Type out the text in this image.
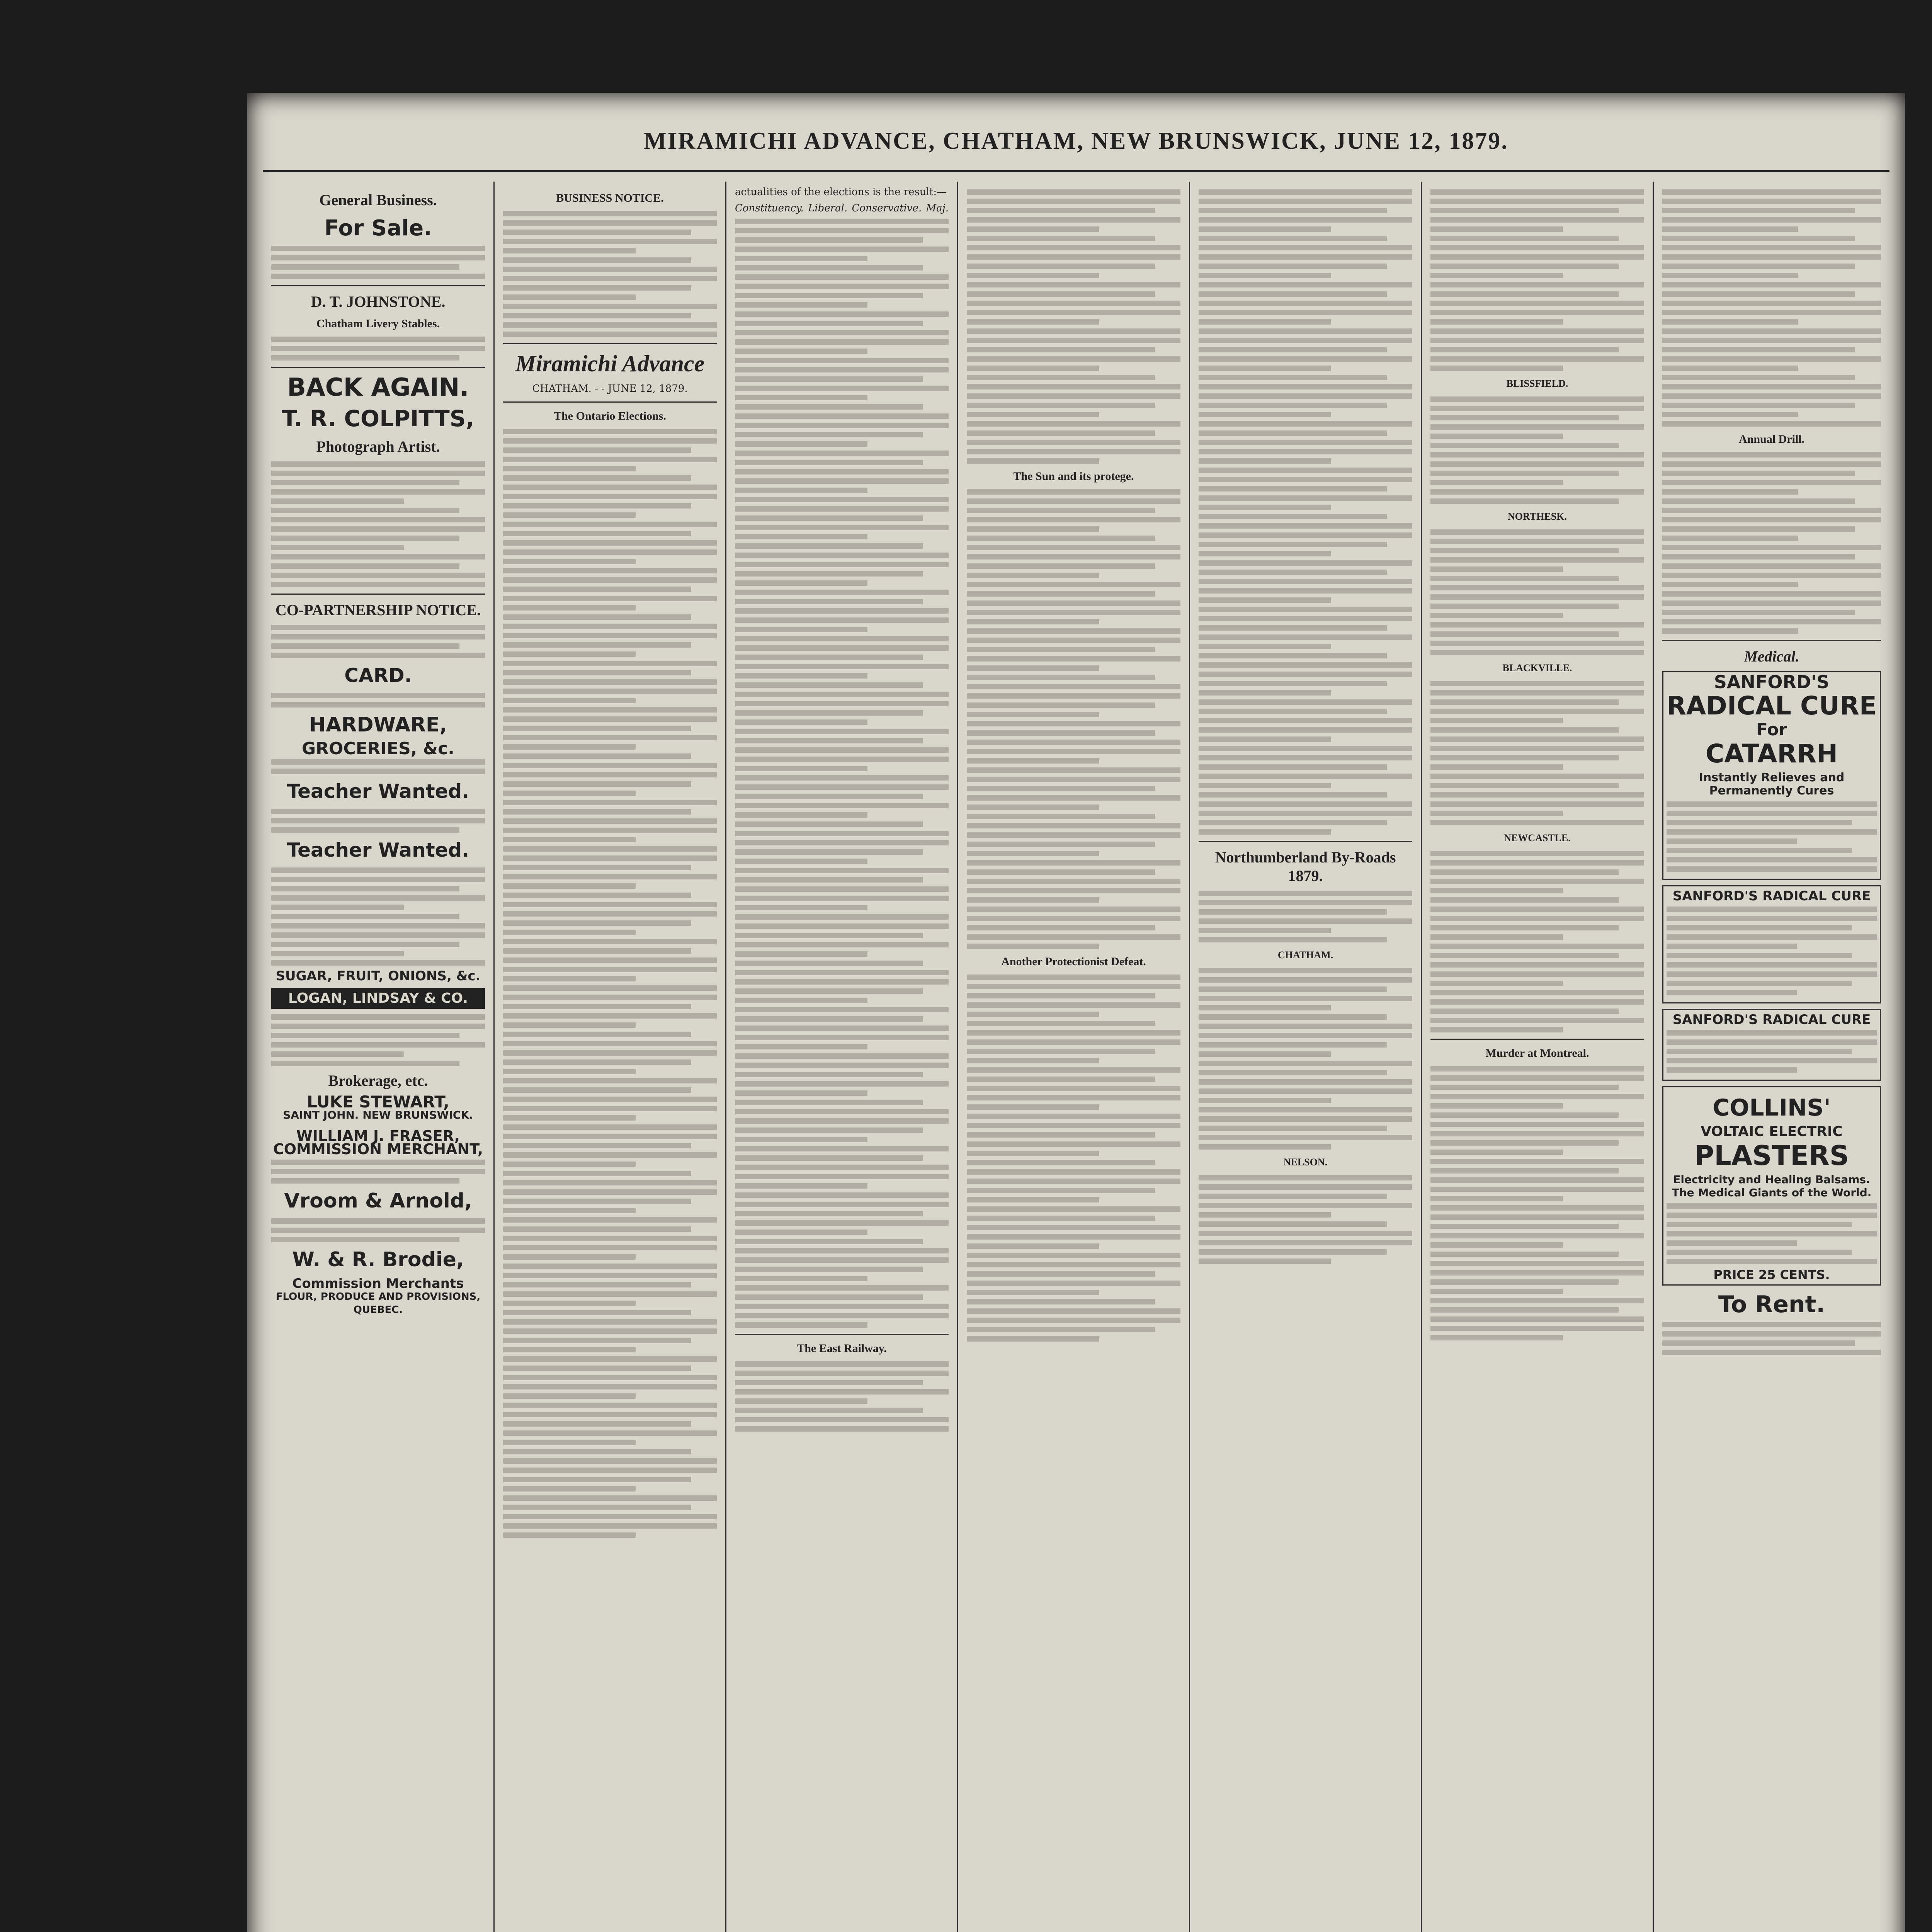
MIRAMICHI ADVANCE, CHATHAM, NEW BRUNSWICK, JUNE 12, 1879.
General Business.
For Sale.
D. T. JOHNSTONE.
Chatham Livery Stables.
BACK AGAIN.
T. R. COLPITTS,
Photograph Artist.
CO-PARTNERSHIP NOTICE.
CARD.
HARDWARE,
GROCERIES, &c.
Teacher Wanted.
Teacher Wanted.
SUGAR, FRUIT, ONIONS, &c.
LOGAN, LINDSAY & CO.
Brokerage, etc.
LUKE STEWART,
SAINT JOHN. NEW BRUNSWICK.
WILLIAM J. FRASER,
COMMISSION MERCHANT,
Vroom & Arnold,
W. & R. Brodie,
Commission Merchants
FLOUR, PRODUCE AND PROVISIONS,
QUEBEC.
BUSINESS NOTICE.
Miramichi Advance
CHATHAM. - - JUNE 12, 1879.
The Ontario Elections.
actualities of the elections is the result:—
Constituency. Liberal. Conservative. Maj.
The East Railway.
The Sun and its protege.
Another Protectionist Defeat.
Northumberland By-Roads 1879.
CHATHAM.
NELSON.
BLISSFIELD.
NORTHESK.
BLACKVILLE.
NEWCASTLE.
Murder at Montreal.
Annual Drill.
Medical.
SANFORD'S
RADICAL CURE
For
CATARRH
Instantly Relieves and Permanently Cures
SANFORD'S RADICAL CURE
SANFORD'S RADICAL CURE
COLLINS'
VOLTAIC ELECTRIC
PLASTERS
Electricity and Healing Balsams. The Medical Giants of the World.
PRICE 25 CENTS.
To Rent.
